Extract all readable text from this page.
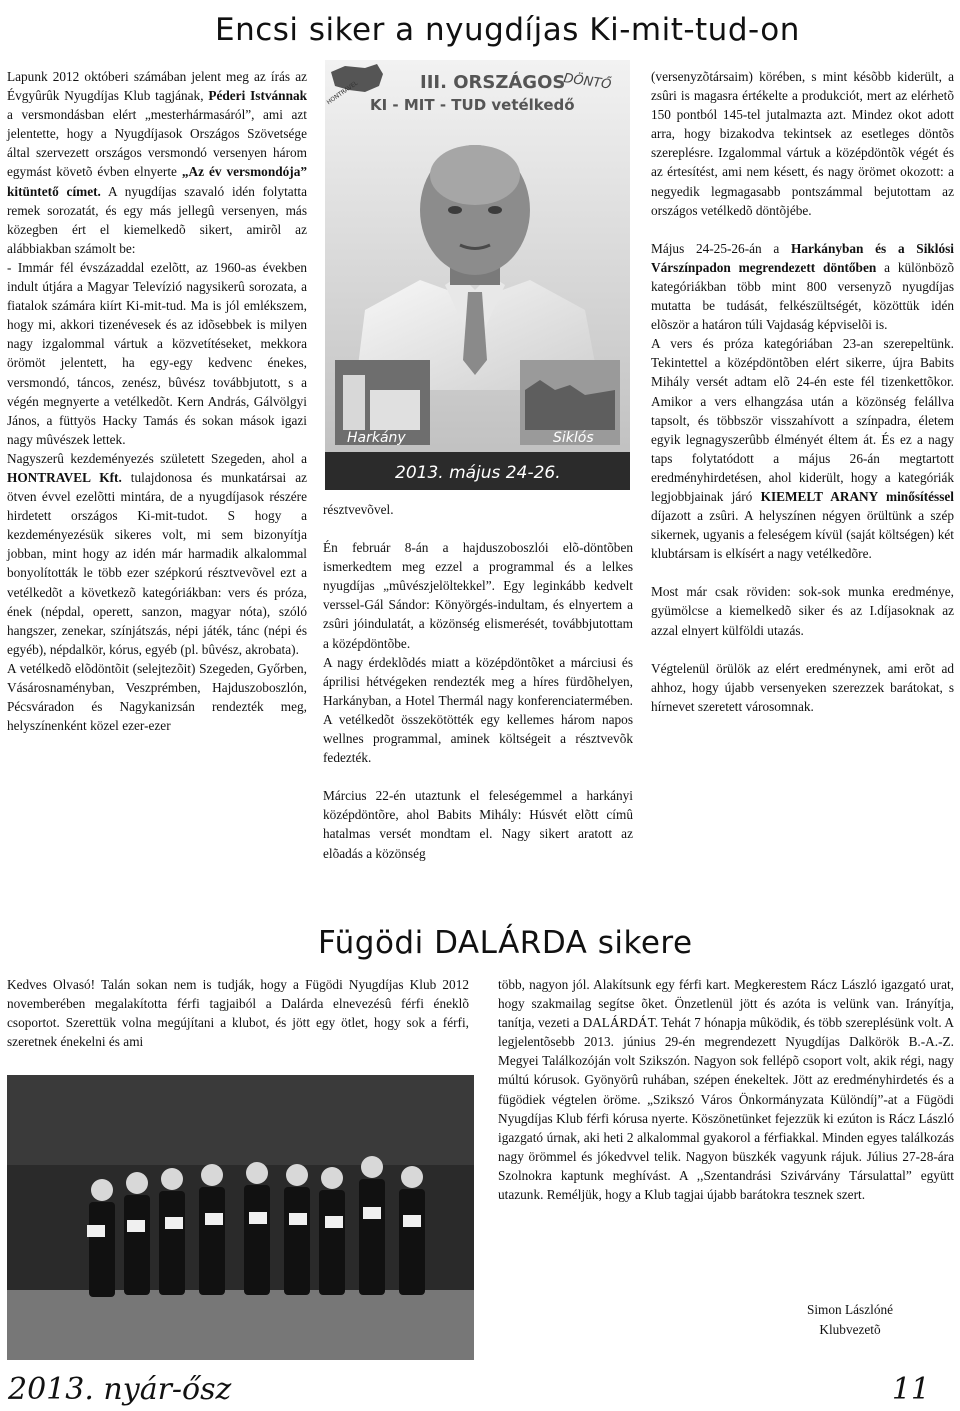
Encsi siker a nyugdíjas Ki-mit-tud-on
Fügödi DALÁRDA sikere

Lapunk 2012 októberi számában jelent meg az írás az Évgyûrûk Nyugdíjas Klub tagjának, Péderi Istvánnak a versmondásban elért „mesterhármasáról”, ami azt jelentette, hogy a Nyugdíjasok Országos Szövetsége által szervezett országos versmondó versenyen három egymást követõ évben elnyerte „Az év versmondója” kitüntető címet. A nyugdíjas szavaló idén folytatta remek sorozatát, és egy más jellegû versenyen, más közegben ért el kiemelkedõ sikert, amirõl az alábbiakban számolt be:

- Immár fél évszázaddal ezelõtt, az 1960-as években indult útjára a Magyar Televízió nagysikerû sorozata, a fiatalok számára kiírt Ki-mit-tud. Ma is jól emlékszem, hogy mi, akkori tizenévesek és az idõsebbek is milyen nagy izgalommal vártuk a közvetítéseket, mekkora örömöt jelentett, ha egy-egy kedvenc énekes, versmondó, táncos, zenész, bûvész továbbjutott, s a végén megnyerte a vetélkedõt. Kern András, Gálvölgyi János, a füttyös Hacky Tamás és sokan mások igazi nagy mûvészek lettek.

Nagyszerû kezdeményezés született Szegeden, ahol a HONTRAVEL Kft. tulajdonosa és munkatársai az ötven évvel ezelõtti mintára, de a nyugdíjasok részére hirdetett országos Ki-mit-tudot. S hogy a kezdeményezésük sikeres volt, mi sem bizonyítja jobban, mint hogy az idén már harmadik alkalommal bonyolították le több ezer szépkorú résztvevõvel ezt a vetélkedõt a következõ kategóriákban: vers és próza, ének (népdal, operett, sanzon, magyar nóta), szóló hangszer, zenekar, színjátszás, népi játék, tánc (népi és egyéb), népdalkör, kórus, egyéb (pl. bûvész, akrobata).

A vetélkedõ elõdöntõit (selejtezõit) Szegeden, Győrben, Vásárosnaményban, Veszprémben, Hajduszoboszlón, Pécsváradon és Nagykanizsán rendezték meg, helyszínenként közel ezer-ezer

III. ORSZÁGOS
KI - MIT - TUD vetélkedő
DÖNTŐ
HONTRAVEL
Harkány	Siklós
2013. május 24-26.

résztvevõvel.

Én február 8-án a hajduszoboszlói elõ-döntõben ismerkedtem meg ezzel a programmal és a lelkes nyugdíjas „mûvészjelöltekkel”. Egy leginkább kedvelt verssel-Gál Sándor: Könyörgés-indultam, és elnyertem a zsûri jóindulatát, a közönség elismerését, továbbjutottam a középdöntõbe.

A nagy érdeklõdés miatt a középdöntõket a márciusi és áprilisi hétvégeken rendezték meg a híres fürdõhelyen, Harkányban, a Hotel Thermál nagy konferenciatermében. A vetélkedõt összekötötték egy kellemes három napos wellnes programmal, aminek költségeit a résztvevõk fedezték.

Március 22-én utaztunk el feleségemmel a harkányi középdöntõre, ahol Babits Mihály: Húsvét elõtt címû hatalmas versét mondtam el. Nagy sikert aratott az elõadás a közönség

(versenyzõtársaim) körében, s mint késõbb kiderült, a zsûri is magasra értékelte a produkciót, mert az elérhetõ 150 pontból 145-tel jutalmazta azt. Mindez okot adott arra, hogy bizakodva tekintsek az esetleges döntõs szereplésre. Izgalommal vártuk a középdöntõk végét és az értesítést, ami nem késett, és nagy örömet okozott: a negyedik legmagasabb pontszámmal bejutottam az országos vetélkedõ döntõjébe.

Május 24-25-26-án a Harkányban és a Siklósi Várszínpadon megrendezett döntőben a különbözõ kategóriákban több mint 800 versenyzõ nyugdíjas mutatta be tudását, felkészültségét, közöttük idén elõször a határon túli Vajdaság képviselõi is.

A vers és próza kategóriában 23-an szerepeltünk. Tekintettel a középdöntõben elért sikerre, újra Babits Mihály versét adtam elõ 24-én este fél tizenkettõkor. Amikor a vers elhangzása után a közönség felállva tapsolt, és többször visszahívott a színpadra, életem egyik legnagyszerûbb élményét éltem át. És ez a nagy taps folytatódott a május 26-án megtartott eredményhirdetésen, ahol kiderült, hogy a kategóriák legjobbjainak járó KIEMELT ARANY minősítéssel díjazott a zsûri. A helyszínen négyen örültünk a szép sikernek, ugyanis a feleségem kívül (saját költségen) két klubtársam is elkísért a nagy vetélkedõre.

Most már csak röviden: sok-sok munka eredménye, gyümölcse a kiemelkedõ siker és az I.díjasoknak az azzal elnyert külföldi utazás.

Végtelenül örülök az elért eredménynek, ami erõt ad ahhoz, hogy újabb versenyeken szerezzek barátokat, s hírnevet szeretett városomnak.

Kedves Olvasó! Talán sokan nem is tudják, hogy a Fügödi Nyugdíjas Klub 2012 novemberében megalakította férfi tagjaiból a Dalárda elnevezésû férfi éneklõ csoportot. Szerettük volna megújítani a klubot, és jött egy ötlet, hogy sok a férfi, szeretnek énekelni és ami
több, nagyon jól. Alakítsunk egy férfi kart. Megkerestem Rácz László igazgató urat, hogy szakmailag segítse õket. Önzetlenül jött és azóta is velünk van. Irányítja, tanítja, vezeti a DALÁRDÁT. Tehát 7 hónapja mûködik, és több szereplésünk volt. A legjelentõsebb 2013. június 29-én megrendezett Nyugdíjas Dalkörök B.-A.-Z. Megyei Találkozóján volt Szikszón. Nagyon sok fellépõ csoport volt, akik régi, nagy múltú kórusok. Gyönyörû ruhában, szépen énekeltek. Jött az eredményhirdetés és a fügödiek végtelen öröme. „Szikszó Város Önkormányzata Különdíj”-at a Fügödi Nyugdíjas Klub férfi kórusa nyerte. Köszönetünket fejezzük ki ezúton is Rácz László igazgató úrnak, aki heti 2 alkalommal gyakorol a férfiakkal. Minden egyes találkozás nagy örömmel és jókedvvel telik. Nagyon büszkék vagyunk rájuk. Július 27-28-ára Szolnokra kaptunk meghívást. A ,,Szentandrási Szivárvány Társulattal” együtt utazunk. Reméljük, hogy a Klub tagjai újabb barátokra tesznek szert.
Simon Lászlóné
Klubvezetõ
2013. nyár-ősz	11
